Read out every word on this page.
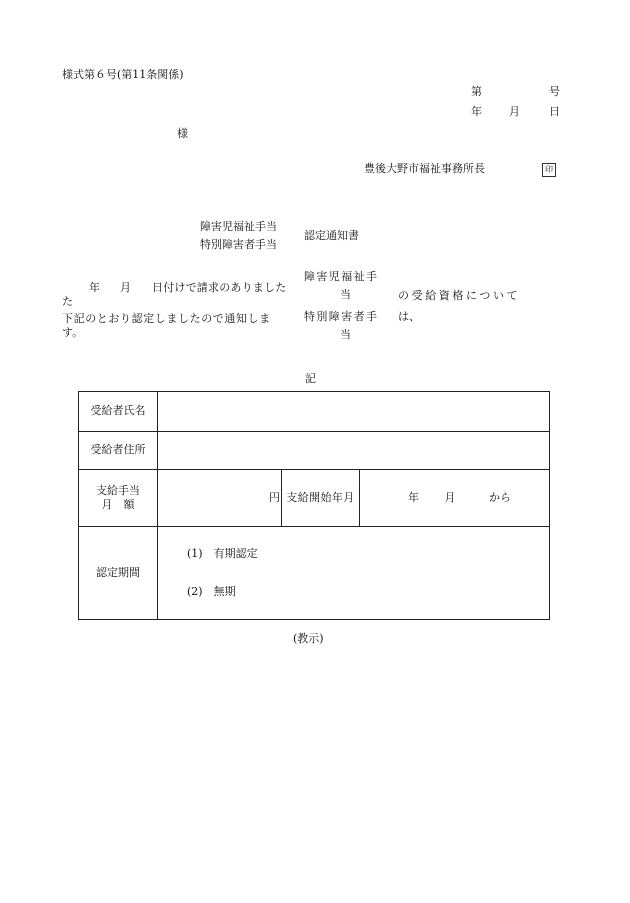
様式第６号(第11条関係)
第	号
年 月	日
様
豊後大野市福祉事務所長	印
障害児福祉手当
特別障害者手当
認定通知書
年 月 日付けで請求のありました
た
下記のとおり認定しましたので通知しま
す。
障害児福祉手
当
特別障害者手
当
の受給資格について
は、
記
受給者氏名			
受給者住所			

支給手当
月　額	円	支給開始年月	年 月 から
認定期間	(1)　有期認定
(2)　無期		
(教示)
